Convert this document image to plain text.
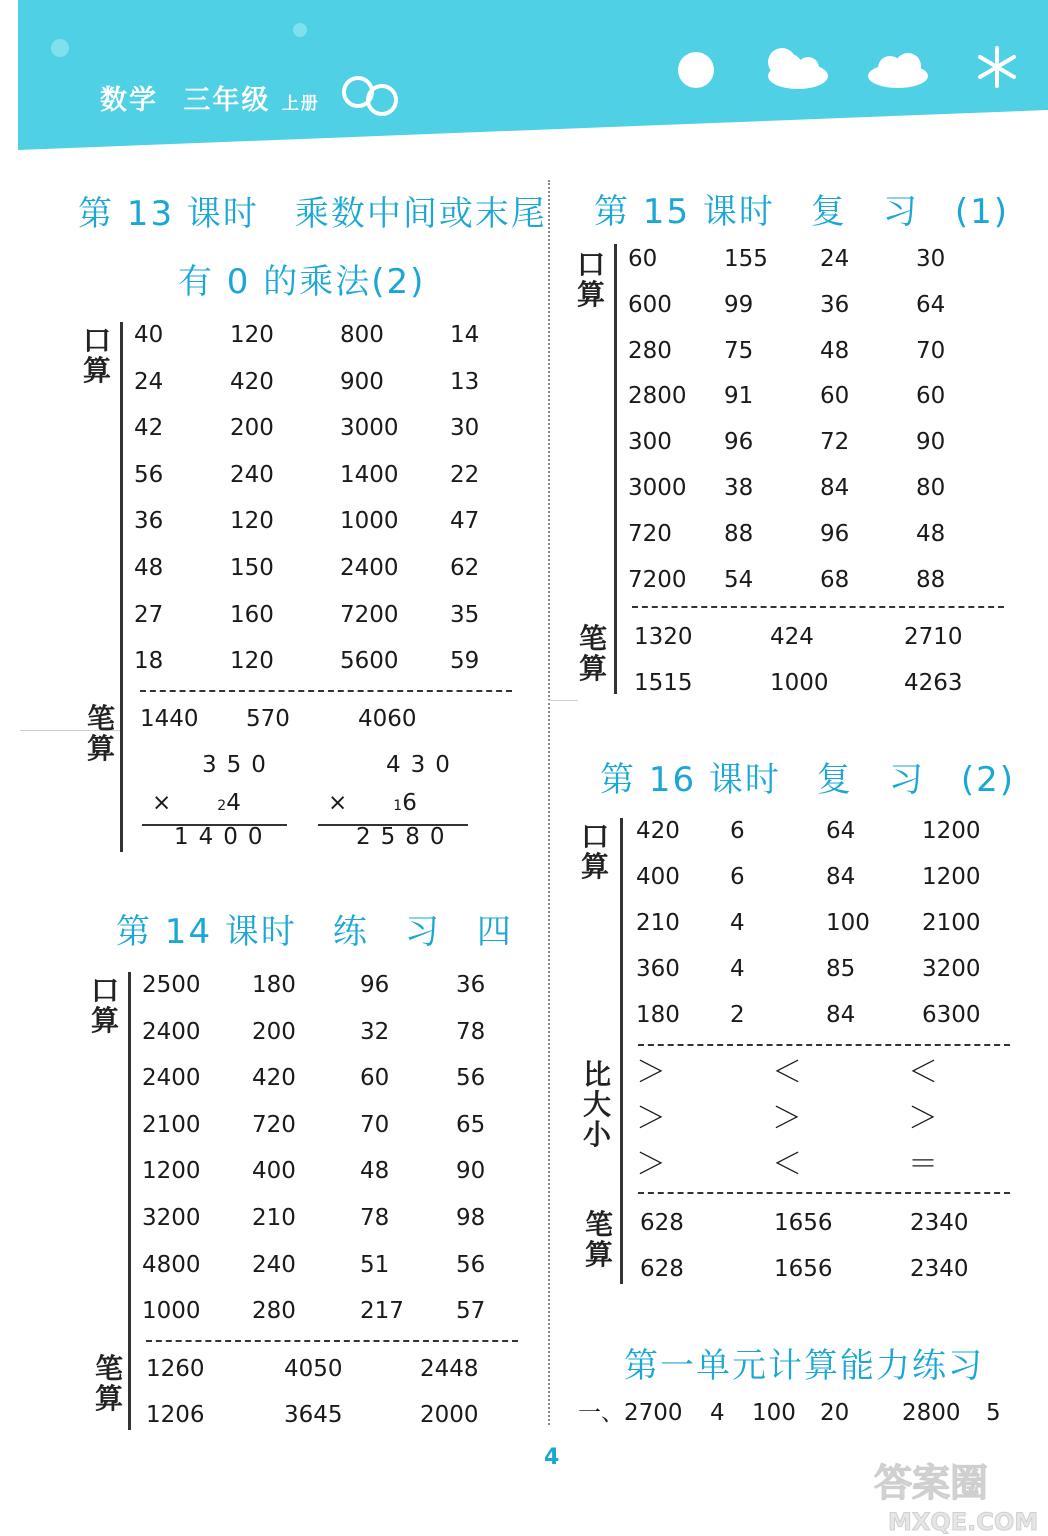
数学 三年级 上册
第 13 课时　乘数中间或末尾
有 0 的乘法(2)
口算
40	120	800	14
24	420	900	13
42	200	3000 30
56	240	1400 22
36	120	1000 47
48	150	2400 62
27	160	7200 35
18	120	5600 59
笔算
1440 570	4060
350
×	24
1400
430
×	16
2580
第 14 课时　练　习　四
口算
2500 180	96	36
2400 200	32	78
2400 420	60	56
2100 720	70	65
1200 400	48	90
3200 210	78	98
4800 240	51	56
1000 280	217 57
笔算
1260	4050	2448
1206	3645	2000
第 15 课时　复　习　(1)
口算
60	155 24	30
600 99	36	64
280 75	48	70
2800 91	60	60
300 96	72	90
3000 38	84	80
720 88	96	48
7200 54	68	88
笔算
1320	424	2710
1515	1000	4263
第 16 课时　复　习　(2)
口算
420 6	64	1200
400 6	84	1200
210 4	100 2100
360 4	85	3200
180 2	84	6300
比大小
＞	＜	＜
＞	＞	＞
＞	＜	＝
笔算
628	1656	2340
628	1656	2340
第一单元计算能力练习
一、2700 4 100 20 2800 5
4
答案圈
MXQE.COM
